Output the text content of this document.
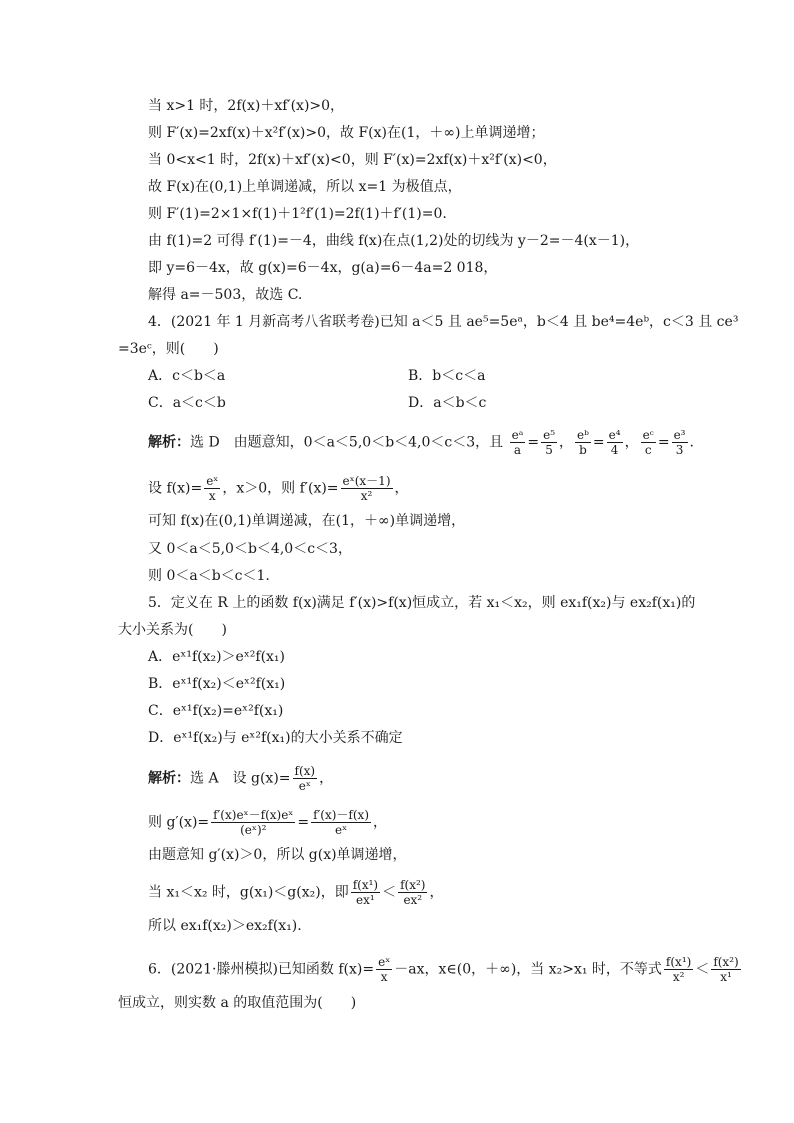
当 x>1 时，2f(x)＋xf′(x)>0，
则 F′(x)=2xf(x)＋x²f′(x)>0，故 F(x)在(1，＋∞)上单调递增；
当 0<x<1 时，2f(x)＋xf′(x)<0，则 F′(x)=2xf(x)＋x²f′(x)<0，
故 F(x)在(0,1)上单调递减，所以 x=1 为极值点，
则 F′(1)=2×1×f(1)＋1²f′(1)=2f(1)＋f′(1)=0.
由 f(1)=2 可得 f′(1)=－4，曲线 f(x)在点(1,2)处的切线为 y－2=－4(x－1)，
即 y=6－4x，故 g(x)=6－4x，g(a)=6－4a=2 018，
解得 a=－503，故选 C.
4．(2021 年 1 月新高考八省联考卷)已知 a＜5 且 ae⁵=5eᵃ，b＜4 且 be⁴=4eᵇ，c＜3 且 ce³
=3eᶜ，则(　　)
A．c＜b＜a	B．b＜c＜a
C．a＜c＜b	D．a＜b＜c
解析：选 D　由题意知，0＜a＜5,0＜b＜4,0＜c＜3，且 $\frac{\text{eᵃ}}{a} = \frac{\text{e⁵}}{5}$ ， $\frac{\text{eᵇ}}{b} = \frac{\text{e⁴}}{4}$ ， $\frac{\text{eᶜ}}{c} = \frac{\text{e³}}{3}$ .
设 $f(x)= \frac{\text{eˣ}}{x}$ ，x＞0，则 $f'(x)= \frac{\text{eˣ(x－1)}}{\text{x²}}$ ，
可知 f(x)在(0,1)单调递减，在(1，＋∞)单调递增，
又 0＜a＜5,0＜b＜4,0＜c＜3，
则 0＜a＜b＜c＜1.
5．定义在 R 上的函数 f(x)满足 f′(x)>f(x)恒成立，若 x₁＜x₂，则 ex₁f(x₂)与 ex₂f(x₁)的
大小关系为(　　)
A．eˣ¹f(x₂)＞eˣ²f(x₁)
B．eˣ¹f(x₂)＜eˣ²f(x₁)
C．eˣ¹f(x₂)=eˣ²f(x₁)
D．eˣ¹f(x₂)与 eˣ²f(x₁)的大小关系不确定
解析：选 A　设 $g(x)= \frac{f(x)}{\text{eˣ}}$ ，
则 $g'(x)= \frac{\text{f′(x)eˣ－f(x)eˣ}}{\text{(eˣ)²}} = \frac{f'(x)-f(x)}{\text{eˣ}}$ ，
由题意知 g′(x)＞0，所以 g(x)单调递增，
当 x₁＜x₂ 时，g(x₁)＜g(x₂)，即 $\frac{\text{f(x¹)}}{\text{ex¹}} < \frac{\text{f(x²)}}{\text{ex²}}$ ，
所以 ex₁f(x₂)＞ex₂f(x₁).
6．(2021·滕州模拟)已知函数 $f(x)= \frac{\text{eˣ}}{x} -ax$，x∈(0，＋∞)，当 x₂>x₁ 时，不等式 $\frac{\text{f(x¹)}}{\text{x²}} < \frac{\text{f(x²)}}{\text{x¹}}$
恒成立，则实数 a 的取值范围为(　　)
